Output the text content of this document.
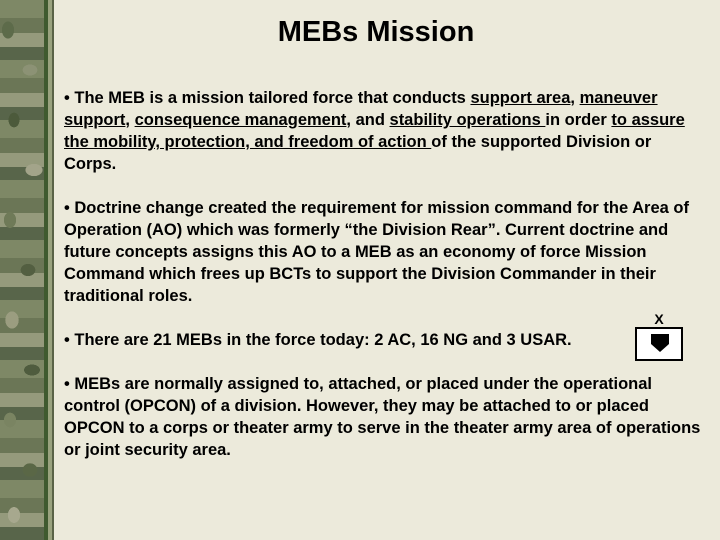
MEBs Mission

• The MEB is a mission tailored force that conducts support area, maneuver support, consequence management, and stability operations in order to assure the mobility, protection, and freedom of action of the supported Division or Corps.

• Doctrine change created the requirement for mission command for the Area of Operation (AO) which was formerly “the Division Rear”. Current doctrine and future concepts assigns this AO to a MEB as an economy of force Mission Command which frees up BCTs to support the Division Commander in their traditional roles.

• There are 21 MEBs in the force today: 2 AC, 16 NG and 3 USAR.

• MEBs are normally assigned to, attached, or placed under the operational control (OPCON) of a division. However, they may be attached to or placed OPCON to a corps or theater army to serve in the theater army area of operations or joint security area.

X
